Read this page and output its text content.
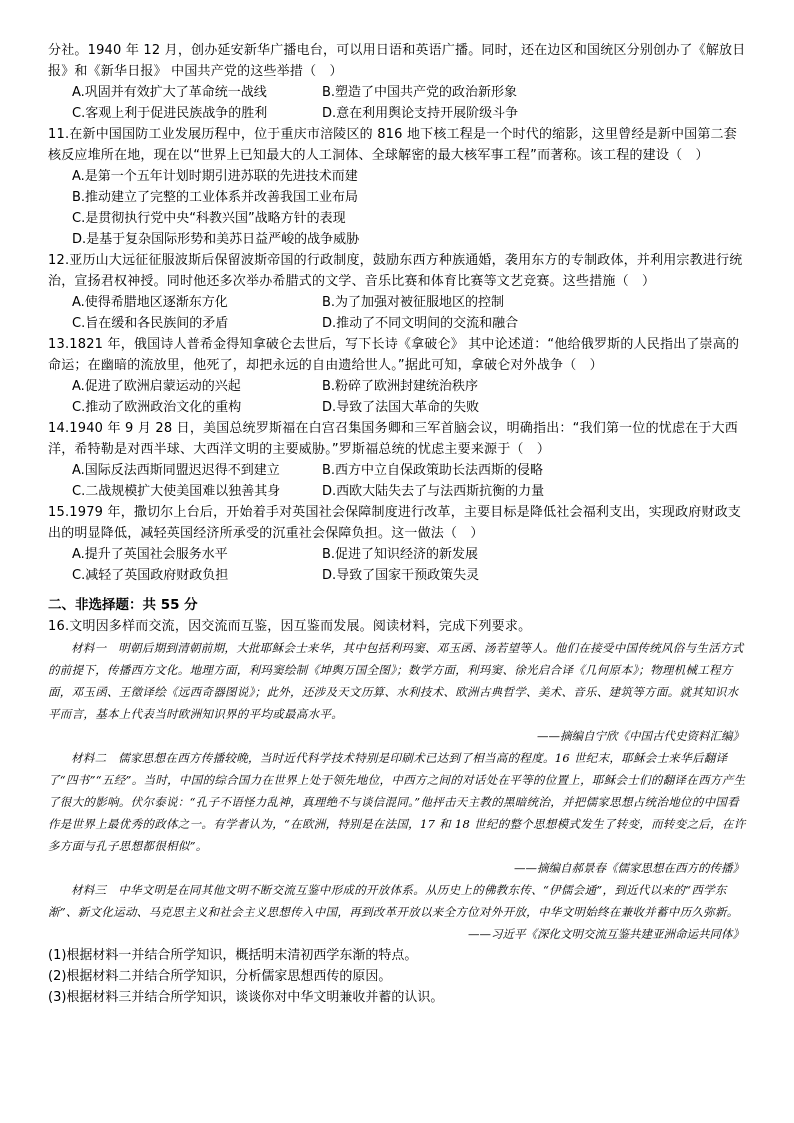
分社。1940 年 12 月，创办延安新华广播电台，可以用日语和英语广播。同时，还在边区和国统区分别创办了《解放日报》和《新华日报》 中国共产党的这些举措（　）

A.巩固并有效扩大了革命统一战线	B.塑造了中国共产党的政治新形象
C.客观上利于促进民族战争的胜利	D.意在利用舆论支持开展阶级斗争

11.在新中国国防工业发展历程中，位于重庆市涪陵区的 816 地下核工程是一个时代的缩影，这里曾经是新中国第二套核反应堆所在地，现在以“世界上已知最大的人工洞体、全球解密的最大核军事工程”而著称。该工程的建设（　）

A.是第一个五年计划时期引进苏联的先进技术而建
B.推动建立了完整的工业体系并改善我国工业布局
C.是贯彻执行党中央“科教兴国”战略方针的表现
D.是基于复杂国际形势和美苏日益严峻的战争威胁

12.亚历山大远征征服波斯后保留波斯帝国的行政制度，鼓励东西方种族通婚，袭用东方的专制政体，并利用宗教进行统治，宣扬君权神授。同时他还多次举办希腊式的文学、音乐比赛和体育比赛等文艺竞赛。这些措施（　）

A.使得希腊地区逐渐东方化	B.为了加强对被征服地区的控制
C.旨在缓和各民族间的矛盾	D.推动了不同文明间的交流和融合

13.1821 年，俄国诗人普希金得知拿破仑去世后，写下长诗《拿破仑》 其中论述道：“他给俄罗斯的人民指出了崇高的命运；在幽暗的流放里，他死了，却把永远的自由遗给世人。”据此可知，拿破仑对外战争（　）

A.促进了欧洲启蒙运动的兴起	B.粉碎了欧洲封建统治秩序
C.推动了欧洲政治文化的重构	D.导致了法国大革命的失败

14.1940 年 9 月 28 日，美国总统罗斯福在白宫召集国务卿和三军首脑会议，明确指出：“我们第一位的忧虑在于大西洋，希特勒是对西半球、大西洋文明的主要威胁。”罗斯福总统的忧虑主要来源于（　）

A.国际反法西斯同盟迟迟得不到建立	B.西方中立自保政策助长法西斯的侵略
C.二战规模扩大使美国难以独善其身	D.西欧大陆失去了与法西斯抗衡的力量

15.1979 年，撒切尔上台后，开始着手对英国社会保障制度进行改革，主要目标是降低社会福利支出，实现政府财政支出的明显降低，减轻英国经济所承受的沉重社会保障负担。这一做法（　）

A.提升了英国社会服务水平	B.促进了知识经济的新发展
C.减轻了英国政府财政负担	D.导致了国家干预政策失灵
二、非选择题：共 55 分

16.文明因多样而交流，因交流而互鉴，因互鉴而发展。阅读材料，完成下列要求。

材料一　明朝后期到清朝前期，大批耶稣会士来华，其中包括利玛窦、邓玉函、汤若望等人。他们在接受中国传统风俗与生活方式的前提下，传播西方文化。地理方面，利玛窦绘制《坤舆万国全图》；数学方面，利玛窦、徐光启合译《几何原本》；物理机械工程方面，邓玉函、王徵译绘《远西奇器图说》；此外，还涉及天文历算、水利技术、欧洲古典哲学、美术、音乐、建筑等方面。就其知识水平而言，基本上代表当时欧洲知识界的平均或最高水平。

——摘编自宁欣《中国古代史资料汇编》

材料二　儒家思想在西方传播较晚，当时近代科学技术特别是印刷术已达到了相当高的程度。16 世纪末，耶稣会士来华后翻译了“四书”“五经”。当时，中国的综合国力在世界上处于领先地位，中西方之间的对话处在平等的位置上，耶稣会士们的翻译在西方产生了很大的影响。伏尔泰说：“孔子不语怪力乱神，真理绝不与谈信混同。”他抨击天主教的黑暗统治，并把儒家思想占统治地位的中国看作是世界上最优秀的政体之一。有学者认为，“在欧洲，特别是在法国，17 和 18 世纪的整个思想模式发生了转变，而转变之后，在许多方面与孔子思想都很相似”。

——摘编自郝景春《儒家思想在西方的传播》

材料三　中华文明是在同其他文明不断交流互鉴中形成的开放体系。从历史上的佛教东传、“伊儒会通”，到近代以来的“西学东渐”、新文化运动、马克思主义和社会主义思想传入中国，再到改革开放以来全方位对外开放，中华文明始终在兼收并蓄中历久弥新。

——习近平《深化文明交流互鉴共建亚洲命运共同体》

(1)根据材料一并结合所学知识，概括明末清初西学东渐的特点。

(2)根据材料二并结合所学知识，分析儒家思想西传的原因。

(3)根据材料三并结合所学知识，谈谈你对中华文明兼收并蓄的认识。
